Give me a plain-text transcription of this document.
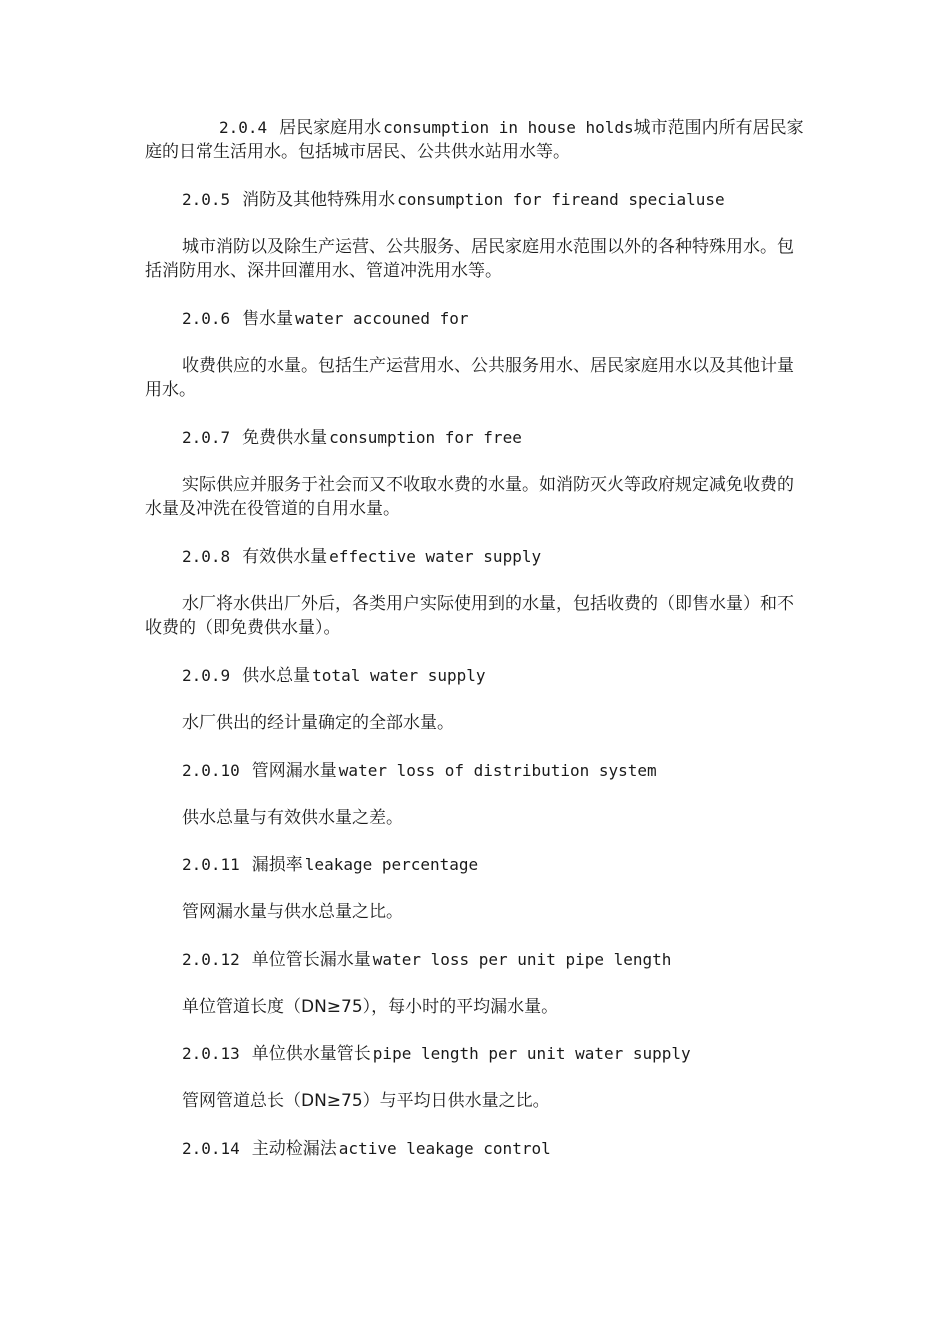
2.0.4 居民家庭用水 consumption in house holds城市范围内所有居民家庭的日常生活用水。包括城市居民、公共供水站用水等。
2.0.5 消防及其他特殊用水 consumption for fireand specialuse
城市消防以及除生产运营、公共服务、居民家庭用水范围以外的各种特殊用水。包括消防用水、深井回灌用水、管道冲洗用水等。
2.0.6 售水量 water accouned for
收费供应的水量。包括生产运营用水、公共服务用水、居民家庭用水以及其他计量用水。
2.0.7 免费供水量 consumption for free
实际供应并服务于社会而又不收取水费的水量。如消防灭火等政府规定减免收费的水量及冲洗在役管道的自用水量。
2.0.8 有效供水量 effective water supply
水厂将水供出厂外后，各类用户实际使用到的水量，包括收费的（即售水量）和不收费的（即免费供水量）。
2.0.9 供水总量 total water supply
水厂供出的经计量确定的全部水量。
2.0.10 管网漏水量 water loss of distribution system
供水总量与有效供水量之差。
2.0.11 漏损率 leakage percentage
管网漏水量与供水总量之比。
2.0.12 单位管长漏水量 water loss per unit pipe length
单位管道长度（DN≥75），每小时的平均漏水量。
2.0.13 单位供水量管长 pipe length per unit water supply
管网管道总长（DN≥75）与平均日供水量之比。
2.0.14 主动检漏法 active leakage control
